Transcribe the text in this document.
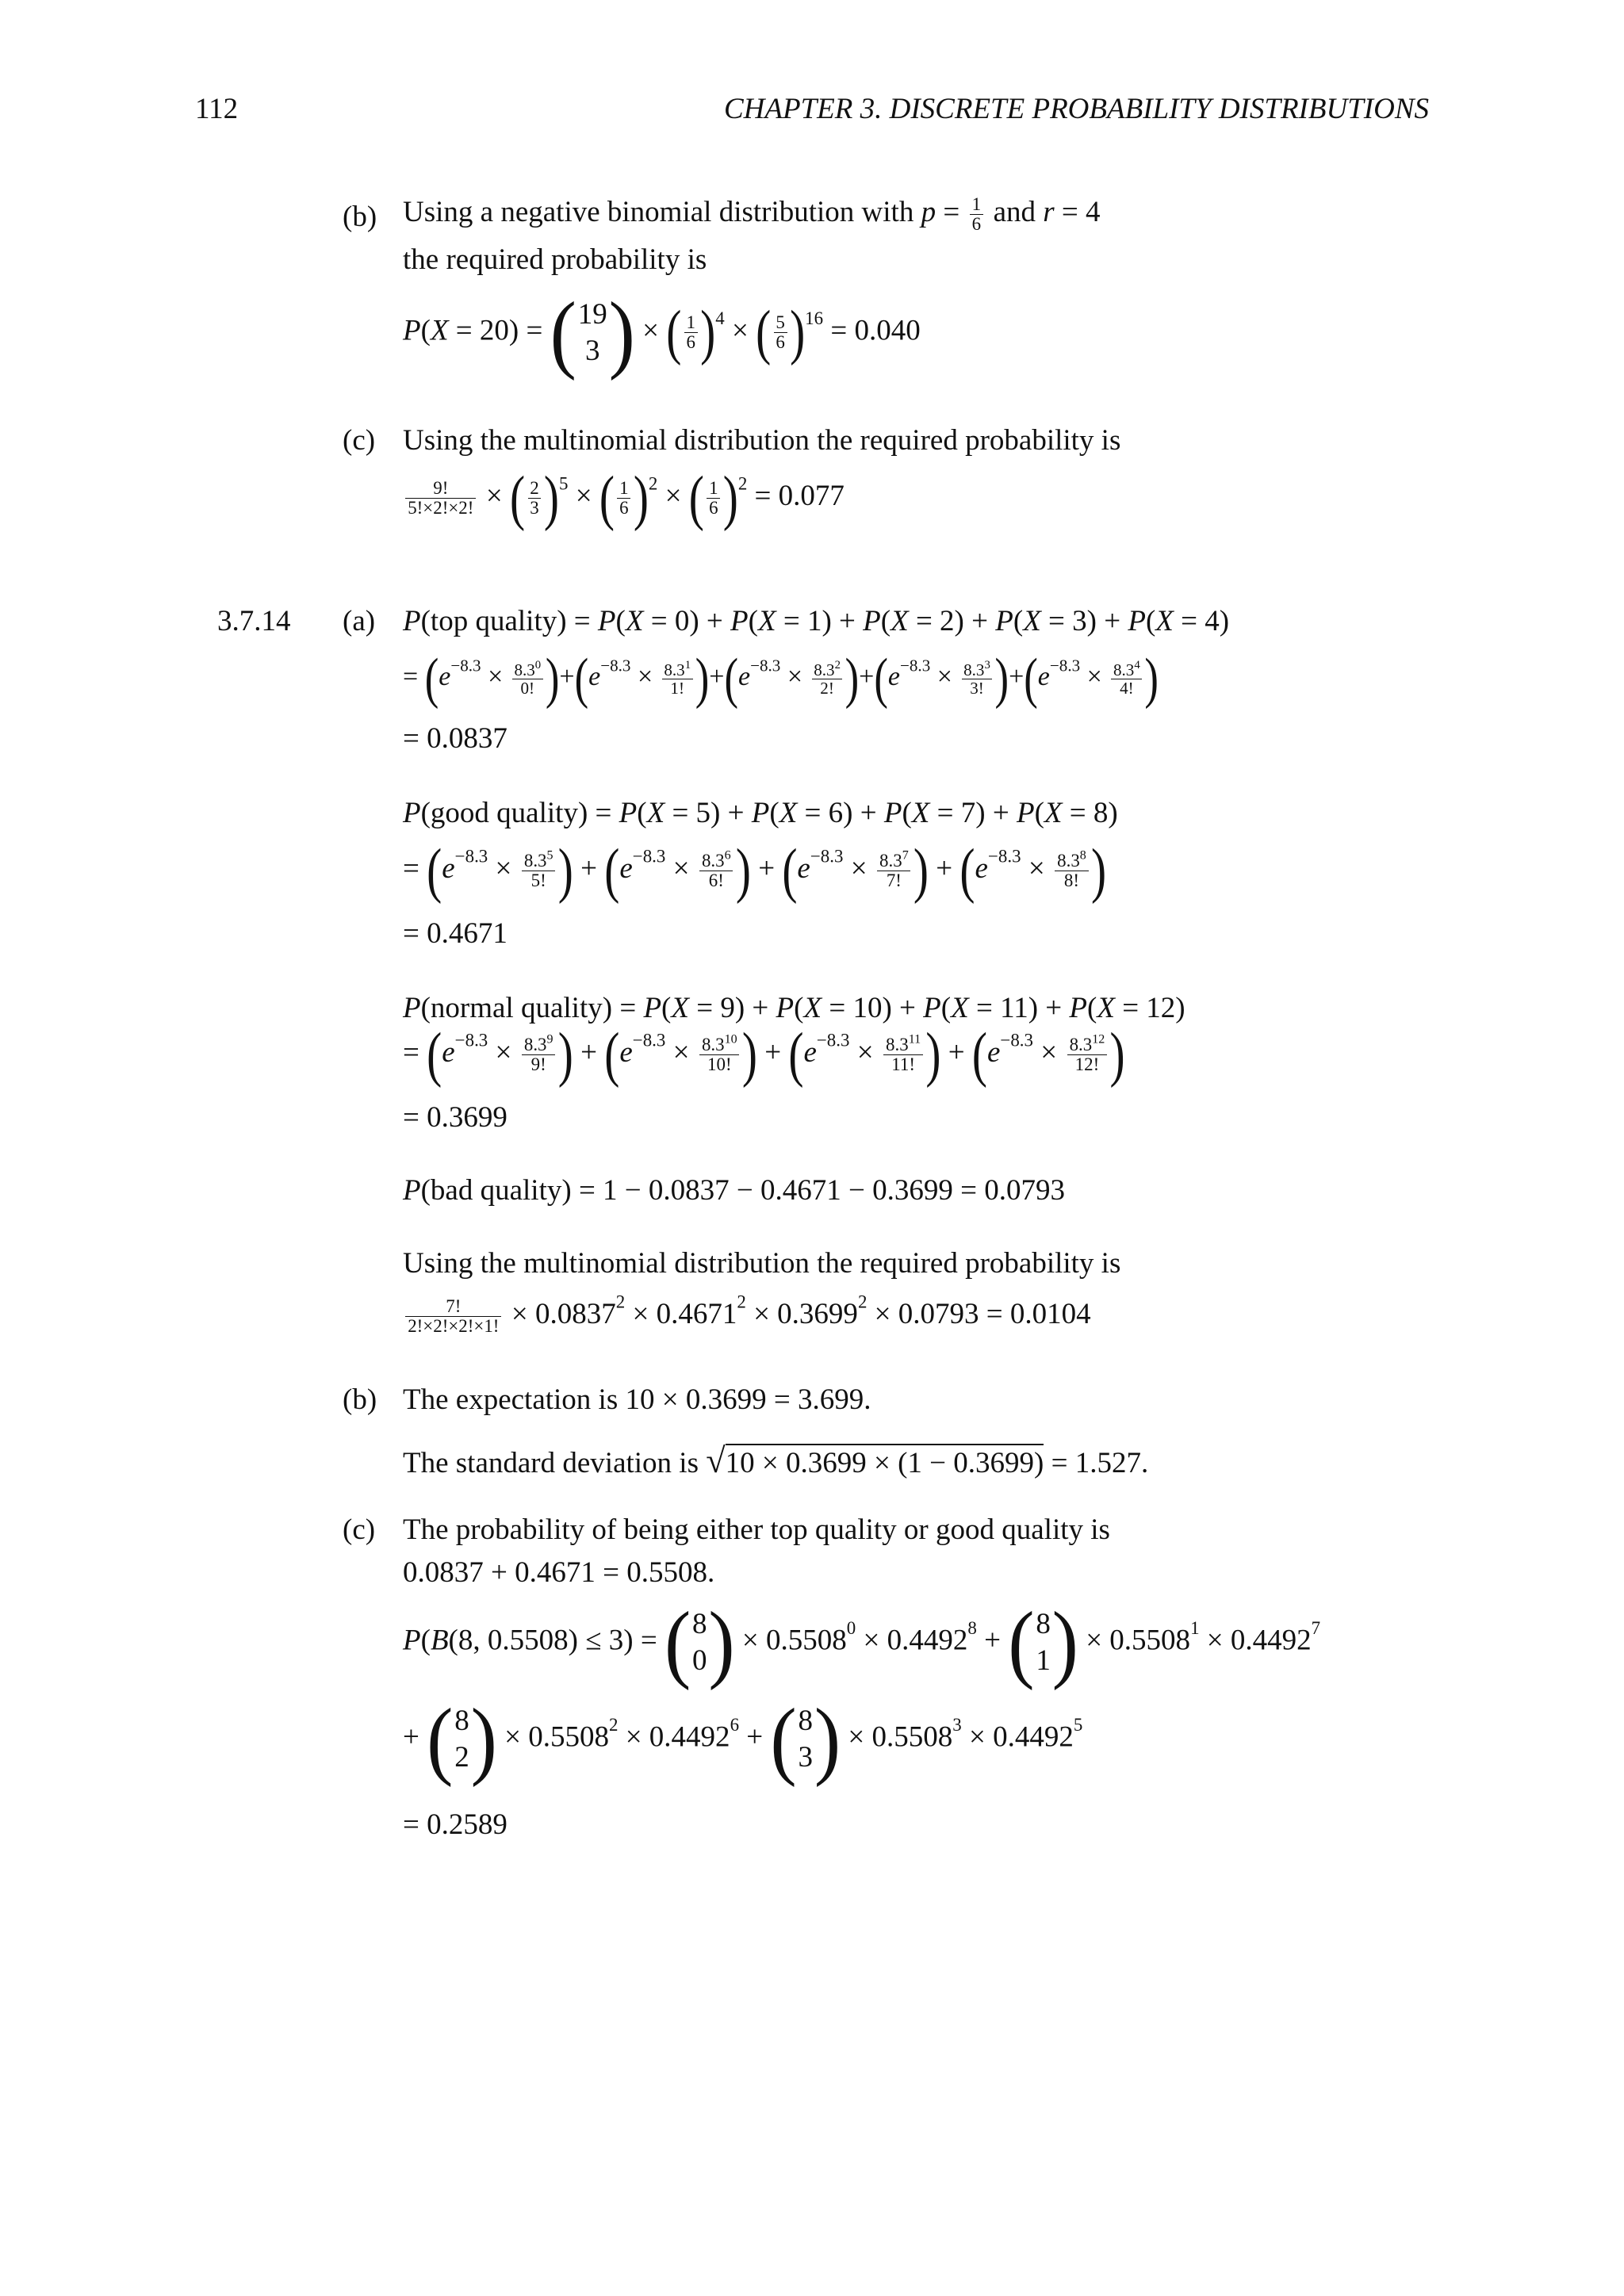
112	CHAPTER 3. DISCRETE PROBABILITY DISTRIBUTIONS
(b) Using a negative binomial distribution with $p = \frac{1}{6}$ and r = 4
the required probability is
P(X = 20) = ( 19
3 ) × ( $\frac{1}{6} )^4$ × ( $\frac{5}{6} )^{16} = 0.040$
(c) Using the multinomial distribution the required probability is
$\frac{9!}{5!\times 2!\times 2!}$ × ( $\frac{2}{3} )^5$ × ( $\frac{1}{6} )^2$ × ( $\frac{1}{6} )^2 = 0.077$
3.7.14 (a) P(top quality) = P(X = 0) + P(X = 1) + P(X = 2) + P(X = 3) + P(X = 4)
= $(e^{-8.3} \times \frac{8.3^0}{0!} )+(e^{-8.3} \times \frac{8.3^1}{1!} )+(e^{-8.3} \times \frac{8.3^2}{2!} )+(e^{-8.3} \times \frac{8.3^3}{3!} )+(e^{-8.3} \times \frac{8.3^4}{4!}$ )
= 0.0837
P(good quality) = P(X = 5) + P(X = 6) + P(X = 7) + P(X = 8)
= ($e^{-8.3} \times \frac{8.3^5}{5!}$ ) + ($e^{-8.3} \times \frac{8.3^6}{6!}$ ) + ($e^{-8.3} \times \frac{8.3^7}{7!}$ ) + ($e^{-8.3} \times \frac{8.3^8}{8!}$ )
= 0.4671
P(normal quality) = P(X = 9) + P(X = 10) + P(X = 11) + P(X = 12)
= ($e^{-8.3} \times \frac{8.3^9}{9!}$ ) + ($e^{-8.3} \times \frac{8.3^{10}}{10!}$ ) + ($e^{-8.3} \times \frac{8.3^{11}}{11!}$ ) + ($e^{-8.3} \times \frac{8.3^{12}}{12!}$ )
= 0.3699
P(bad quality) = 1 − 0.0837 − 0.4671 − 0.3699 = 0.0793
Using the multinomial distribution the required probability is
$\frac{7!}{2!\times 2!\times 2!\times 1!} \times 0.0837^2 \times 0.4671^2 \times 0.3699^2 \times 0.0793 = 0.0104$
(b) The expectation is 10 × 0.3699 = 3.699.
The standard deviation is √10 × 0.3699 × (1 − 0.3699) = 1.527.
(c) The probability of being either top quality or good quality is
0.0837 + 0.4671 = 0.5508.
P(B(8, 0.5508) ≤ 3) = ( 8
0 ) × $0.5508^0 \times 0.4492^8$ + ( 8
1 ) × $0.5508^1 \times 0.4492^7$
+ ( 8
2 ) × $0.5508^2 \times 0.4492^6$ + ( 8
3 ) × $0.5508^3 \times 0.4492^5$
= 0.2589
